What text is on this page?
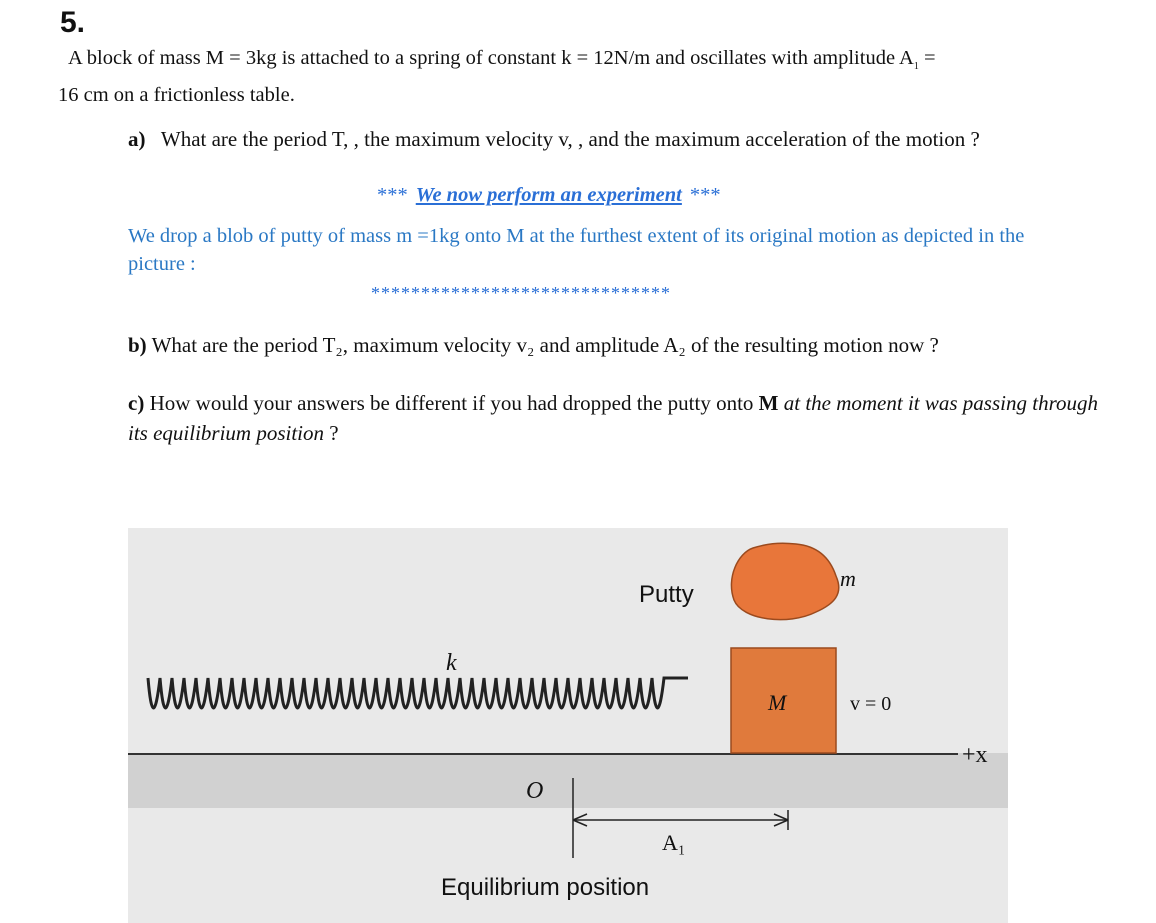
5.
A block of mass M = 3kg is attached to a spring of constant k = 12N/m and oscillates with amplitude $A_1$ =
16 cm on a frictionless table.
a) What are the period T, , the maximum velocity v, , and the maximum acceleration of the motion ?
*** We now perform an experiment ***
We drop a blob of putty of mass m =1kg onto M at the furthest extent of its original motion as depicted in the picture :
******************************
b) What are the period T₂, maximum velocity v₂ and amplitude A₂ of the resulting motion now ?
c) How would your answers be different if you had dropped the putty onto M at the moment it was passing through its equilibrium position ?
Putty
m
k
M	v = 0
+x
O
A₁
Equilibrium position
